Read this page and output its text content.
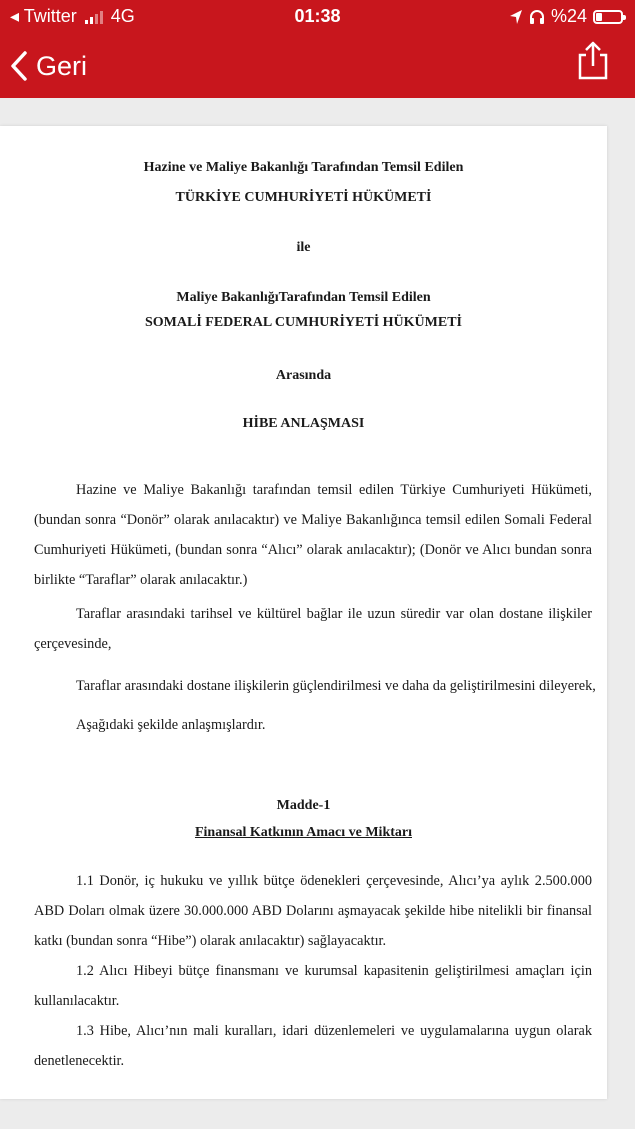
◂ Twitter 4G	01:38	%24
Geri
Hazine ve Maliye Bakanlığı Tarafından Temsil Edilen
TÜRKİYE CUMHURİYETİ HÜKÜMETİ
ile
Maliye BakanlığıTarafından Temsil Edilen
SOMALİ FEDERAL CUMHURİYETİ HÜKÜMETİ
Arasında
HİBE ANLAŞMASI
Hazine ve Maliye Bakanlığı tarafından temsil edilen Türkiye Cumhuriyeti Hükümeti,
(bundan sonra “Donör” olarak anılacaktır) ve Maliye Bakanlığınca temsil edilen Somali Federal
Cumhuriyeti Hükümeti, (bundan sonra “Alıcı” olarak anılacaktır); (Donör ve Alıcı bundan sonra
birlikte “Taraflar” olarak anılacaktır.)
Taraflar arasındaki tarihsel ve kültürel bağlar ile uzun süredir var olan dostane ilişkiler
çerçevesinde,
Taraflar arasındaki dostane ilişkilerin güçlendirilmesi ve daha da geliştirilmesini dileyerek,
Aşağıdaki şekilde anlaşmışlardır.
Madde-1
Finansal Katkının Amacı ve Miktarı
1.1 Donör, iç hukuku ve yıllık bütçe ödenekleri çerçevesinde, Alıcı’ya aylık 2.500.000
ABD Doları olmak üzere 30.000.000 ABD Dolarını aşmayacak şekilde hibe nitelikli bir finansal
katkı (bundan sonra “Hibe”) olarak anılacaktır) sağlayacaktır.
1.2 Alıcı Hibeyi bütçe finansmanı ve kurumsal kapasitenin geliştirilmesi amaçları için
kullanılacaktır.
1.3 Hibe, Alıcı’nın mali kuralları, idari düzenlemeleri ve uygulamalarına uygun olarak
denetlenecektir.
